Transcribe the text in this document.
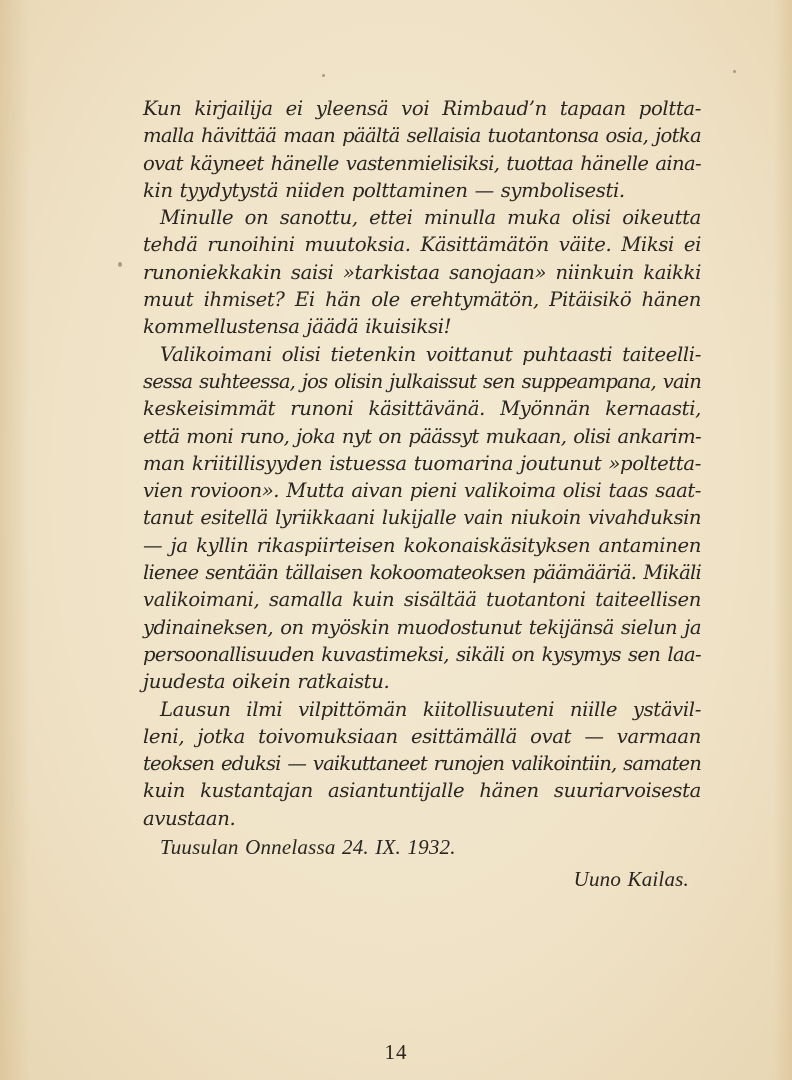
Kun kirjailija ei yleensä voi Rimbaud’n tapaan poltta-
malla hävittää maan päältä sellaisia tuotantonsa osia, jotka
ovat käyneet hänelle vastenmielisiksi, tuottaa hänelle aina-
kin tyydytystä niiden polttaminen — symbolisesti.
Minulle on sanottu, ettei minulla muka olisi oikeutta
tehdä runoihini muutoksia. Käsittämätön väite. Miksi ei
runoniekkakin saisi »tarkistaa sanojaan» niinkuin kaikki
muut ihmiset? Ei hän ole erehtymätön, Pitäisikö hänen
kommellustensa jäädä ikuisiksi!
Valikoimani olisi tietenkin voittanut puhtaasti taiteelli-
sessa suhteessa, jos olisin julkaissut sen suppeampana, vain
keskeisimmät runoni käsittävänä. Myönnän kernaasti,
että moni runo, joka nyt on päässyt mukaan, olisi ankarim-
man kriitillisyyden istuessa tuomarina joutunut »poltetta-
vien rovioon». Mutta aivan pieni valikoima olisi taas saat-
tanut esitellä lyriikkaani lukijalle vain niukoin vivahduksin
— ja kyllin rikaspiirteisen kokonaiskäsityksen antaminen
lienee sentään tällaisen kokoomateoksen päämääriä. Mikäli
valikoimani, samalla kuin sisältää tuotantoni taiteellisen
ydinaineksen, on myöskin muodostunut tekijänsä sielun ja
persoonallisuuden kuvastimeksi, sikäli on kysymys sen laa-
juudesta oikein ratkaistu.
Lausun ilmi vilpittömän kiitollisuuteni niille ystävil-
leni, jotka toivomuksiaan esittämällä ovat — varmaan
teoksen eduksi — vaikuttaneet runojen valikointiin, samaten
kuin kustantajan asiantuntijalle hänen suuriarvoisesta
avustaan.
Tuusulan Onnelassa 24. IX. 1932.
Uuno Kailas.
14
